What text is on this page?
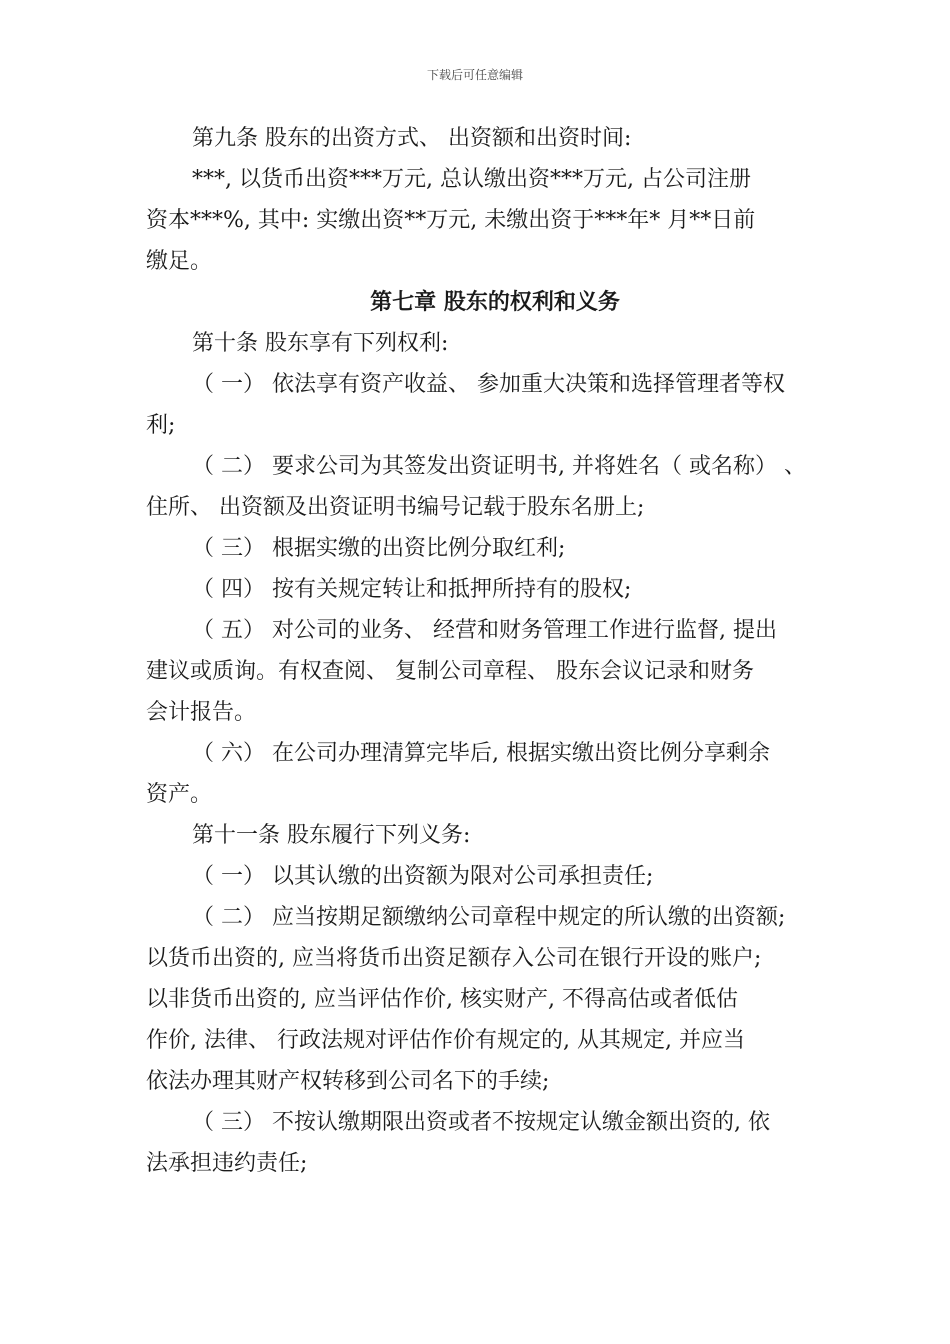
下载后可任意编辑
第九条 股东的出资方式、 出资额和出资时间:
***, 以货币出资***万元, 总认缴出资***万元, 占公司注册
资本***%, 其中: 实缴出资**万元, 未缴出资于***年* 月**日前
缴足。
第七章 股东的权利和义务
第十条 股东享有下列权利:
（ 一） 依法享有资产收益、 参加重大决策和选择管理者等权
利;
（ 二） 要求公司为其签发出资证明书, 并将姓名（ 或名称） 、
住所、 出资额及出资证明书编号记载于股东名册上;
（ 三） 根据实缴的出资比例分取红利;
（ 四） 按有关规定转让和抵押所持有的股权;
（ 五） 对公司的业务、 经营和财务管理工作进行监督, 提出
建议或质询。有权查阅、 复制公司章程、 股东会议记录和财务
会计报告。
（ 六） 在公司办理清算完毕后, 根据实缴出资比例分享剩余
资产。
第十一条 股东履行下列义务:
（ 一） 以其认缴的出资额为限对公司承担责任;
（ 二） 应当按期足额缴纳公司章程中规定的所认缴的出资额;
以货币出资的, 应当将货币出资足额存入公司在银行开设的账户;
以非货币出资的, 应当评估作价, 核实财产, 不得高估或者低估
作价, 法律、 行政法规对评估作价有规定的, 从其规定, 并应当
依法办理其财产权转移到公司名下的手续;
（ 三） 不按认缴期限出资或者不按规定认缴金额出资的, 依
法承担违约责任;
